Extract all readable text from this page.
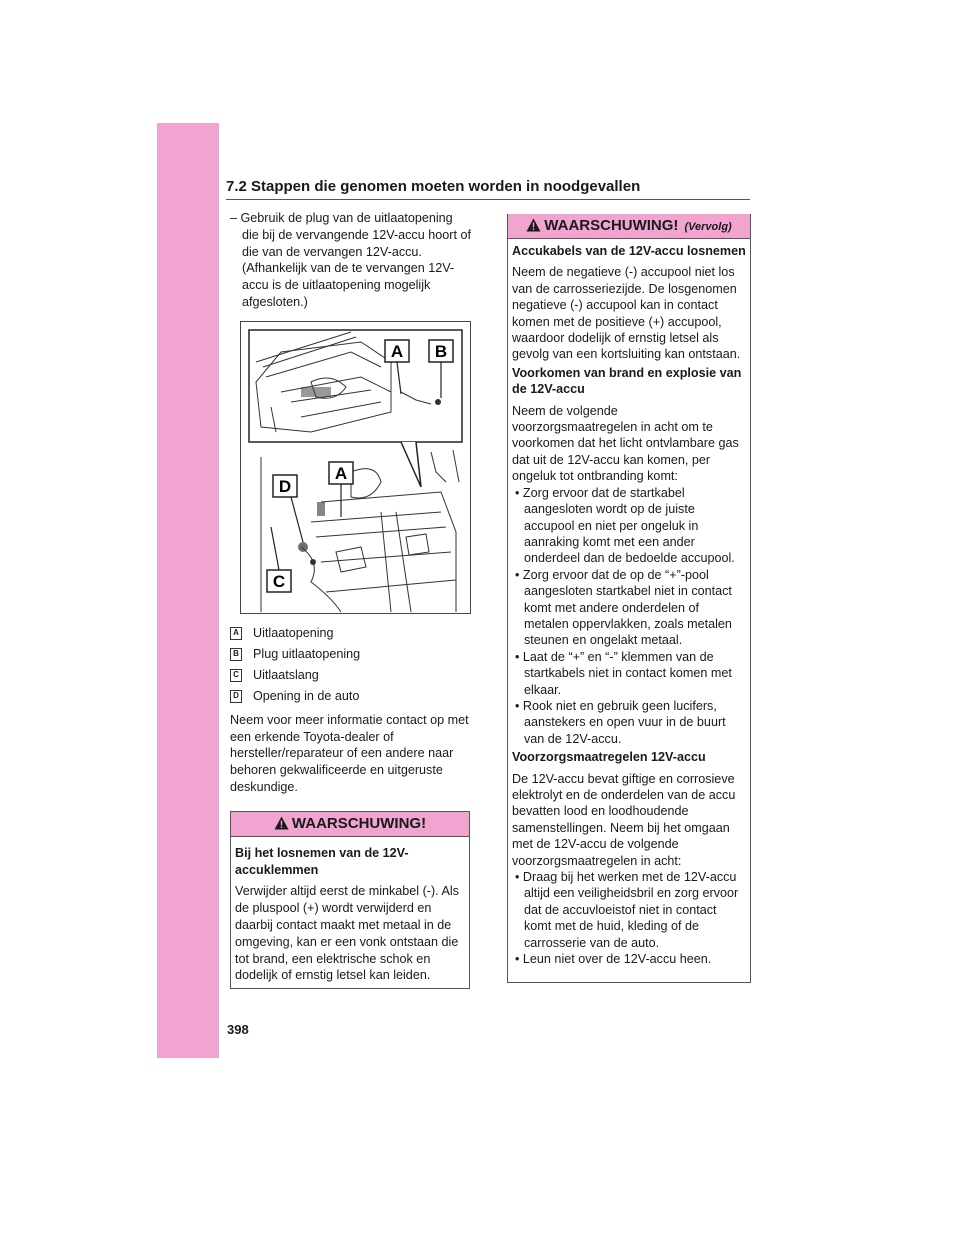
7.2 Stappen die genomen moeten worden in noodgevallen
– Gebruik de plug van de uitlaatopening die bij de vervangende 12V-accu hoort of die van de vervangen 12V-accu. (Afhankelijk van de te vervangen 12V-accu is de uitlaatopening mogelijk afgesloten.)
A B
A
D
C
A Uitlaatopening
B Plug uitlaatopening
C Uitlaatslang
D Opening in de auto
Neem voor meer informatie contact op met een erkende Toyota-dealer of hersteller/reparateur of een andere naar behoren gekwalificeerde en uitgeruste deskundige.
WAARSCHUWING!
Bij het losnemen van de 12V-accuklemmen
Verwijder altijd eerst de minkabel (-). Als de pluspool (+) wordt verwijderd en daarbij contact maakt met metaal in de omgeving, kan er een vonk ontstaan die tot brand, een elektrische schok en dodelijk of ernstig letsel kan leiden.
WAARSCHUWING! (Vervolg)
Accukabels van de 12V-accu losnemen
Neem de negatieve (-) accupool niet los van de carrosseriezijde. De losgenomen negatieve (-) accupool kan in contact komen met de positieve (+) accupool, waardoor dodelijk of ernstig letsel als gevolg van een kortsluiting kan ontstaan.
Voorkomen van brand en explosie van de 12V-accu
Neem de volgende voorzorgsmaatregelen in acht om te voorkomen dat het licht ontvlambare gas dat uit de 12V-accu kan komen, per ongeluk tot ontbranding komt:
• Zorg ervoor dat de startkabel aangesloten wordt op de juiste accupool en niet per ongeluk in aanraking komt met een ander onderdeel dan de bedoelde accupool.
• Zorg ervoor dat de op de “+”-pool aangesloten startkabel niet in contact komt met andere onderdelen of metalen oppervlakken, zoals metalen steunen en ongelakt metaal.
• Laat de “+” en “-” klemmen van de startkabels niet in contact komen met elkaar.
• Rook niet en gebruik geen lucifers, aanstekers en open vuur in de buurt van de 12V-accu.
Voorzorgsmaatregelen 12V-accu
De 12V-accu bevat giftige en corrosieve elektrolyt en de onderdelen van de accu bevatten lood en loodhoudende samenstellingen. Neem bij het omgaan met de 12V-accu de volgende voorzorgsmaatregelen in acht:
• Draag bij het werken met de 12V-accu altijd een veiligheidsbril en zorg ervoor dat de accuvloeistof niet in contact komt met de huid, kleding of de carrosserie van de auto.
• Leun niet over de 12V-accu heen.
398
